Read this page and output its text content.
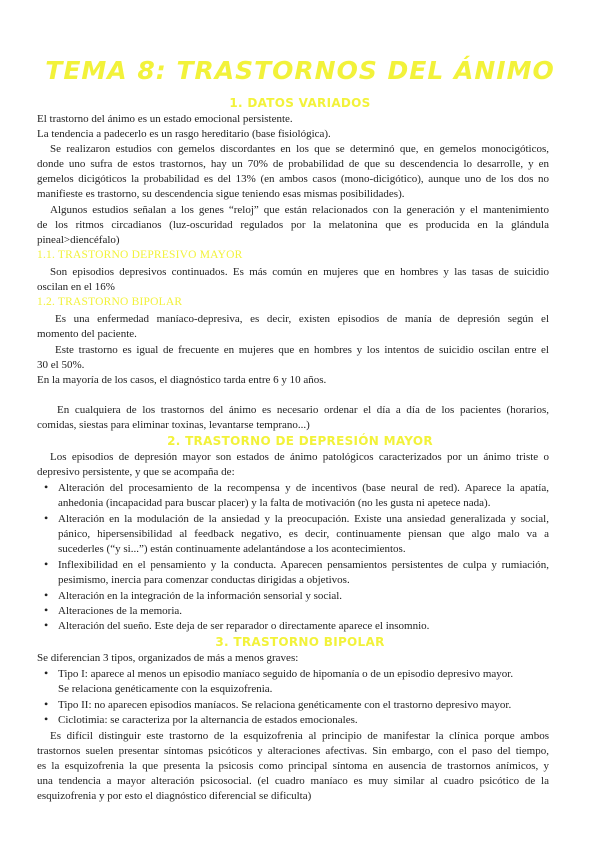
TEMA 8: TRASTORNOS DEL ÁNIMO
1. DATOS VARIADOS
El trastorno del ánimo es un estado emocional persistente.
La tendencia a padecerlo es un rasgo hereditario (base fisiológica).
Se realizaron estudios con gemelos discordantes en los que se determinó que, en gemelos monocigóticos,
donde uno sufra de estos trastornos, hay un 70% de probabilidad de que su descendencia lo desarrolle, y en
gemelos dicigóticos la probabilidad es del 13% (en ambos casos (mono-dicigótico), aunque uno de los dos no
manifieste es trastorno, su descendencia sigue teniendo esas mismas posibilidades).
Algunos estudios señalan a los genes “reloj” que están relacionados con la generación y el mantenimiento
de los ritmos circadianos (luz-oscuridad regulados por la melatonina que es producida en la glándula
pineal>diencéfalo)
1.1. TRASTORNO DEPRESIVO MAYOR
Son episodios depresivos continuados. Es más común en mujeres que en hombres y las tasas de suicidio
oscilan en el 16%
1.2. TRASTORNO BIPOLAR
Es una enfermedad maníaco-depresiva, es decir, existen episodios de manía de depresión según el
momento del paciente.
Este trastorno es igual de frecuente en mujeres que en hombres y los intentos de suicidio oscilan entre el
30 el 50%.
En la mayoría de los casos, el diagnóstico tarda entre 6 y 10 años.
En cualquiera de los trastornos del ánimo es necesario ordenar el día a día de los pacientes (horarios,
comidas, siestas para eliminar toxinas, levantarse temprano...)
2. TRASTORNO DE DEPRESIÓN MAYOR
Los episodios de depresión mayor son estados de ánimo patológicos caracterizados por un ánimo triste o
depresivo persistente, y que se acompaña de:
• Alteración del procesamiento de la recompensa y de incentivos (base neural de red). Aparece la apatía,
anhedonia (incapacidad para buscar placer) y la falta de motivación (no les gusta ni apetece nada).
• Alteración en la modulación de la ansiedad y la preocupación. Existe una ansiedad generalizada y social,
pánico, hipersensibilidad al feedback negativo, es decir, continuamente piensan que algo malo va a
sucederles (“y si...”) están continuamente adelantándose a los acontecimientos.
• Inflexibilidad en el pensamiento y la conducta. Aparecen pensamientos persistentes de culpa y rumiación,
pesimismo, inercia para comenzar conductas dirigidas a objetivos.
• Alteración en la integración de la información sensorial y social.
• Alteraciones de la memoria.
• Alteración del sueño. Este deja de ser reparador o directamente aparece el insomnio.
3. TRASTORNO BIPOLAR
Se diferencian 3 tipos, organizados de más a menos graves:
• Tipo I: aparece al menos un episodio maníaco seguido de hipomanía o de un episodio depresivo mayor.
Se relaciona genéticamente con la esquizofrenia.
• Tipo II: no aparecen episodios maníacos. Se relaciona genéticamente con el trastorno depresivo mayor.
• Ciclotimia: se caracteriza por la alternancia de estados emocionales.
Es difícil distinguir este trastorno de la esquizofrenia al principio de manifestar la clínica porque ambos
trastornos suelen presentar síntomas psicóticos y alteraciones afectivas. Sin embargo, con el paso del tiempo,
es la esquizofrenia la que presenta la psicosis como principal síntoma en ausencia de trastornos anímicos, y
una tendencia a mayor alteración psicosocial. (el cuadro maníaco es muy similar al cuadro psicótico de la
esquizofrenia y por esto el diagnóstico diferencial se dificulta)
